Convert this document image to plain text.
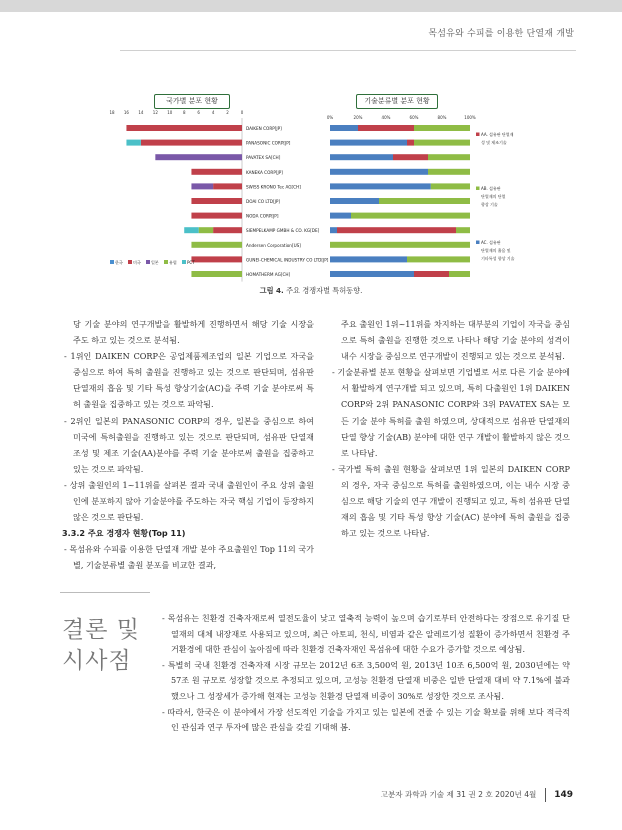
목섬유와 수피를 이용한 단열재 개발
국가별 분포 현황	기술분류별 분포 현황
18 16 14 12 10	8	6	4	2	0
DAIKEN CORP[JP]
PANASONIC CORP[JP]
PAVATEX SA[CH]
KANEKA CORP[JP]
SWISS KRONO Tec AG[CH]
DOAI CO LTD[JP]
NODA CORP[JP]
SIEMPELKAMP GMBH & CO. KG[DE]
Andersen Corporation[US]
GUNEI-CHEMICAL INDUSTRY CO LTD[JP]
HOMATHERM AG[CH]
한국	미국	일본	유럽	PCT
0%	20%	40%	60%	80%	100%
AA. 섬유판 단열재
성 및 제조기술
AB. 섬유판
단열재의 단열
향상 기술
AC. 섬유판
단열재의 흡음 및
기타특성 향상 기술
그림 4. 주요 경쟁자별 특허동향.

당 기술 분야의 연구개발을 활발하게 진행하면서 해당 기술 시장을 주도 하고 있는 것으로 분석됨.

- 1위인 DAIKEN CORP은 공업제품제조업의 일본 기업으로 자국을 중심으로 하여 특허 출원을 진행하고 있는 것으로 판단되며, 섬유판 단열재의 흡음 및 기타 특성 향상기술(AC)을 주력 기술 분야로써 특허 출원을 집중하고 있는 것으로 파악됨.

- 2위인 일본의 PANASONIC CORP의 경우, 일본을 중심으로 하여 미국에 특허출원을 진행하고 있는 것으로 판단되며, 섬유판 단열재 조성 및 제조 기술(AA)분야를 주력 기술 분야로써 출원을 집중하고 있는 것으로 파악됨.

- 상위 출원인의 1~11위를 살펴본 결과 국내 출원인이 주요 상위 출원인에 분포하지 않아 기술분야를 주도하는 자국 핵심 기업이 등장하지 않은 것으로 판단됨.

3.3.2 주요 경쟁자 현황(Top 11)

- 목섬유와 수피를 이용한 단열재 개발 분야 주요출원인 Top 11의 국가별, 기술분류별 출원 분포를 비교한 결과,

주요 출원인 1위~11위를 차지하는 대부분의 기업이 자국을 중심으로 특허 출원을 진행한 것으로 나타나 해당 기술 분야의 성격이 내수 시장을 중심으로 연구개발이 진행되고 있는 것으로 분석됨.

- 기술분류별 분포 현황을 살펴보면 기업별로 서로 다른 기술 분야에서 활발하게 연구개발 되고 있으며, 특히 다출원인 1위 DAIKEN CORP와 2위 PANASONIC CORP와 3위 PAVATEX SA는 모든 기술 분야 특허를 출원 하였으며, 상대적으로 섬유판 단열재의 단열 향상 기술(AB) 분야에 대한 연구 개발이 활발하지 않은 것으로 나타남.

- 국가별 특허 출원 현황을 살펴보면 1위 일본의 DAIKEN CORP의 경우, 자국 중심으로 특허를 출원하였으며, 이는 내수 시장 중심으로 해당 기술의 연구 개발이 진행되고 있고, 특히 섬유판 단열재의 흡음 및 기타 특성 향상 기술(AC) 분야에 특허 출원을 집중하고 있는 것으로 나타남.

결론 및
시사점

- 목섬유는 친환경 건축자재로써 열전도율이 낮고 열축적 능력이 높으며 습기로부터 안전하다는 장점으로 유기질 단열재의 대체 내장재로 사용되고 있으며, 최근 아토피, 천식, 비염과 같은 알레르기성 질환이 증가하면서 친환경 주거환경에 대한 관심이 높아짐에 따라 친환경 건축자재인 목섬유에 대한 수요가 증가할 것으로 예상됨.

- 특별히 국내 친환경 건축자재 시장 규모는 2012년 6조 3,500억 원, 2013년 10조 6,500억 원, 2030년에는 약 57조 원 규모로 성장할 것으로 추정되고 있으며, 고성능 친환경 단열재 비중은 일반 단열재 대비 약 7.1%에 불과했으나 그 성장세가 증가해 현재는 고성능 친환경 단열재 비중이 30%로 성장한 것으로 조사됨.

- 따라서, 한국은 이 분야에서 가장 선도적인 기술을 가지고 있는 일본에 견줄 수 있는 기술 확보를 위해 보다 적극적인 관심과 연구 투자에 많은 관심을 갖길 기대해 봄.

고분자 과학과 기술 제 31 권 2 호 2020년 4월 149
